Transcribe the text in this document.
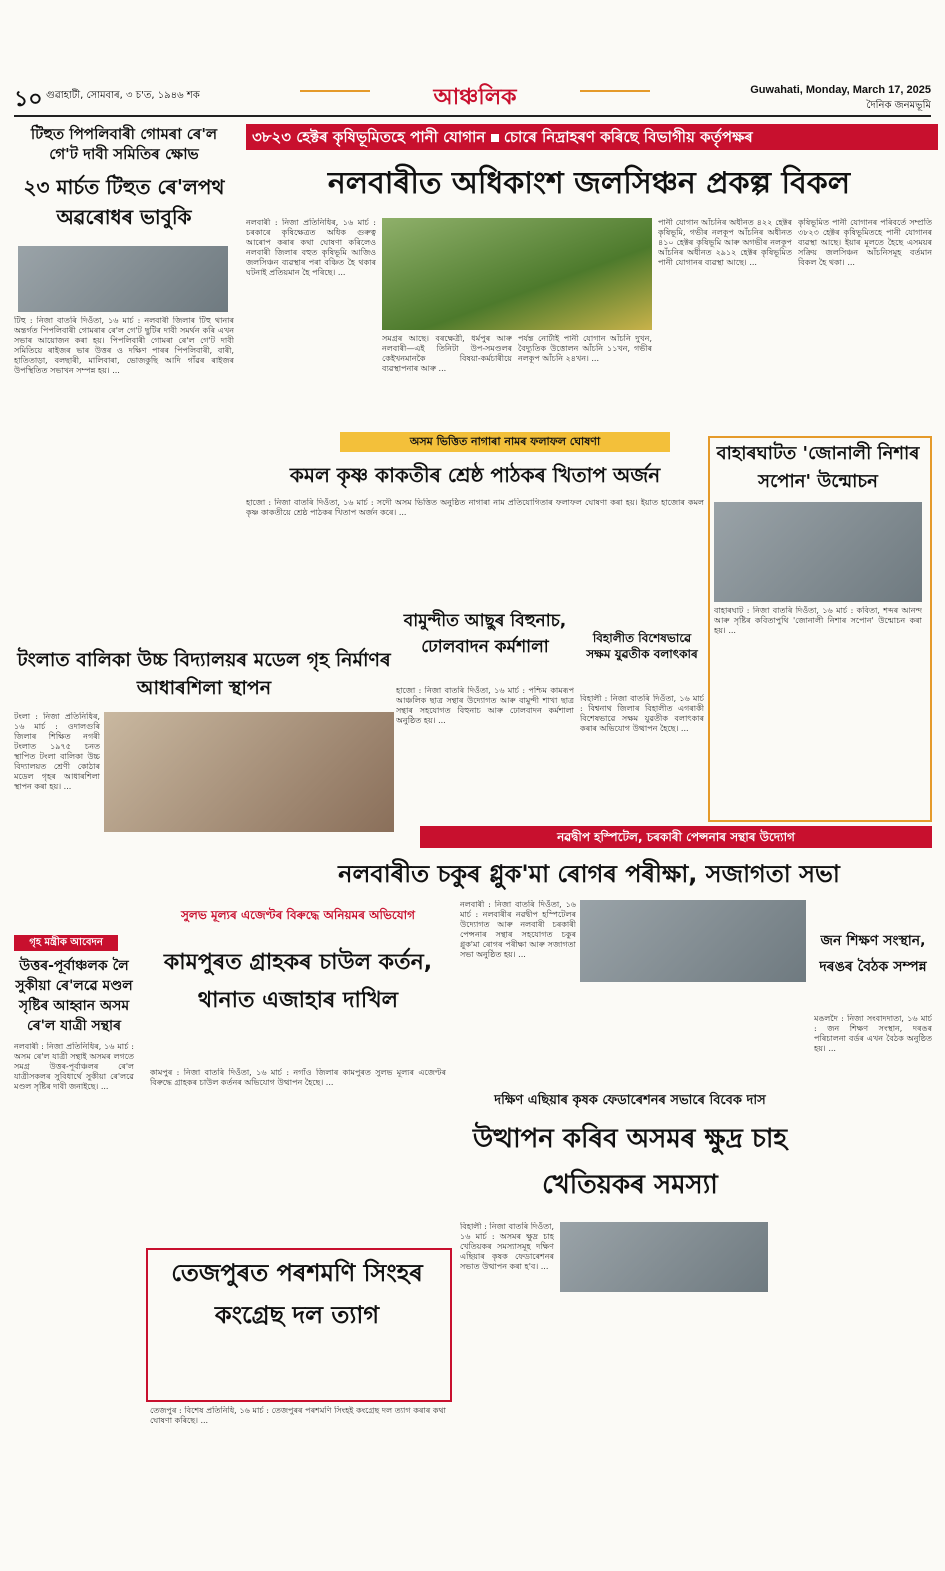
১০ গুৱাহাটী, সোমবাৰ, ৩ চ'ত, ১৯৪৬ শক	আঞ্চলিক	Guwahati, Monday, March 17, 2025
দৈনিক জনমভূমি
টিহুত পিপলিবাৰী গোমৰা ৰে'ল গে'ট দাবী সমিতিৰ ক্ষোভ
২৩ মাৰ্চত টিহুত ৰে'লপথ অৱৰোধৰ ভাবুকি
টিহু : নিজা বাতৰি দিওঁতা, ১৬ মাৰ্চ : নলবাৰী জিলাৰ টিহু থানাৰ অন্তৰ্গত পিপলিবাৰী গোমৰাৰ ৰে'ল গে'ট ছুটিৰ দাবী সমৰ্থন কৰি এখন সভাৰ আয়োজন কৰা হয়। পিপলিবাৰী গোমৰা ৰে'ল গে'ট দাবী সমিতিয়ে ৰাইজৰ ভাৰ উত্তৰ ও দক্ষিণ পাৰৰ পিপলিবাৰী, বাৰী, হাতিতাড়া, বলছাৰী, মালিবাৰা, ভোজকুছি আদি গাঁৱৰ ৰাইজৰ উপস্থিতিত সভাখন সম্পন্ন হয়। ...
টংলাত বালিকা উচ্চ বিদ্যালয়ৰ মডেল গৃহ নিৰ্মাণৰ আধাৰশিলা স্থাপন
টংলা : নিজা প্ৰতিনিধিৰ, ১৬ মাৰ্চ : ওদালগুৰি জিলাৰ শিক্ষিত নগৰী টংলাত ১৯৭৫ চনত স্থাপিত টংলা বালিকা উচ্চ বিদ্যালয়ত শ্ৰেণী কোঠাৰ মডেল গৃহৰ আধাৰশিলা স্থাপন কৰা হয়। ...
গৃহ মন্ত্ৰীক আবেদন
উত্তৰ-পূৰ্বাঞ্চলক লৈ সুকীয়া ৰে'লৱে মণ্ডল সৃষ্টিৰ আহ্বান অসম ৰে'ল যাত্ৰী সন্থাৰ
নলবাৰী : নিজা প্ৰতিনিধিৰ, ১৬ মাৰ্চ : অসম ৰে'ল যাত্ৰী সন্থাই অসমৰ লগতে সমগ্ৰ উত্তৰ-পূৰ্বাঞ্চলৰ ৰে'ল যাত্ৰীসকলৰ সুবিধাৰ্থে সুকীয়া ৰে'লৱে মণ্ডল সৃষ্টিৰ দাবী জনাইছে। ...
৩৮২৩ হেক্টৰ কৃষিভূমিতহে পানী যোগান চোৰে নিদ্ৰাহৰণ কৰিছে বিভাগীয় কৰ্তৃপক্ষৰ
নলবাৰীত অধিকাংশ জলসিঞ্চন প্ৰকল্প বিকল
নলবাৰী : নিজা প্ৰতিনিধিৰ, ১৬ মাৰ্চ : চৰকাৰে কৃষিক্ষেত্ৰত অধিক গুৰুত্ব আৰোপ কৰাৰ কথা ঘোষণা কৰিলেও নলবাৰী জিলাৰ বহুত কৃষিভূমি আজিও জলসিঞ্চন ব্যৱস্থাৰ পৰা বঞ্চিত হৈ থকাৰ ঘটনাই প্ৰতিয়মান হৈ পৰিছে। ...
সমগ্ৰৰ আছে। বৰক্ষেত্ৰী, ধৰ্মপুৰ আৰু নলবাৰী—এই তিনিটা উপ-সমণ্ডলৰ কেইখনমানকৈ বিষয়া-কৰ্মচাৰীয়ে ব্যৱস্থাপনাৰ আৰু ...
পৰ্যন্ত নোৰ্টাই পানী যোগান আঁচনি দুখন, বৈদ্যুতিক উত্তোলন আঁচনি ১১খন, গভীৰ নলকূপ আঁচনি ২৪খন। ...
পানী যোগান আঁচনিৰ অধীনত ৪২২ হেক্টৰ কৃষিভূমি, গভীৰ নলকূপ আঁচনিৰ অধীনত ৪১০ হেক্টৰ কৃষিভূমি আৰু অগভীৰ নলকূপ আঁচনিৰ অধীনত ২৯১২ হেক্টৰ কৃষিভূমিত পানী যোগানৰ ব্যৱস্থা আছে। ...
কৃষিভূমিত পানী যোগানৰ পৰিবৰ্তে সম্প্ৰতি ৩৮২৩ হেক্টৰ কৃষিভূমিতহে পানী যোগানৰ ব্যৱস্থা আছে। ইয়াৰ মূলতে হৈছে এসময়ৰ সক্ৰিয় জলসিঞ্চন আঁচনিসমূহ বৰ্তমান বিকল হৈ থকা। ...
অসম ভিত্তিত নাগাৰা নামৰ ফলাফল ঘোষণা
কমল কৃষ্ণ কাকতীৰ শ্ৰেষ্ঠ পাঠকৰ খিতাপ অৰ্জন
হাজো : নিজা বাতৰি দিওঁতা, ১৬ মাৰ্চ : সদৌ অসম ভিত্তিত অনুষ্ঠিত নাগাৰা নাম প্ৰতিযোগিতাৰ ফলাফল ঘোষণা কৰা হয়। ইয়াত হাজোৰ কমল কৃষ্ণ কাকতীয়ে শ্ৰেষ্ঠ পাঠকৰ খিতাপ অৰ্জন কৰে। ...
বামুন্দীত আছুৰ বিহুনাচ, ঢোলবাদন কৰ্মশালা
হাজো : নিজা বাতৰি দিওঁতা, ১৬ মাৰ্চ : পশ্চিম কামৰূপ আঞ্চলিক ছাত্ৰ সন্থাৰ উদ্যোগত আৰু বামুন্দী শাখা ছাত্ৰ সন্থাৰ সহযোগত বিহুনাচ আৰু ঢোলবাদন কৰ্মশালা অনুষ্ঠিত হয়। ...
বিহালীত বিশেষভাৱে সক্ষম যুৱতীক বলাৎকাৰ
বিহালী : নিজা বাতৰি দিওঁতা, ১৬ মাৰ্চ : বিশ্বনাথ জিলাৰ বিহালীত এগৰাকী বিশেষভাৱে সক্ষম যুৱতীক বলাৎকাৰ কৰাৰ অভিযোগ উত্থাপন হৈছে। ...
বাহাৰঘাটত 'জোনালী নিশাৰ সপোন' উন্মোচন
বাহাৰঘাট : নিজা বাতৰি দিওঁতা, ১৬ মাৰ্চ : কবিতা, শব্দৰ আনন্দ আৰু সৃষ্টিৰ কবিতাপুথি 'জোনালী নিশাৰ সপোন' উন্মোচন কৰা হয়। ...
নৱদ্বীপ হস্পিটেল, চৰকাৰী পেন্সনাৰ সন্থাৰ উদ্যোগ
নলবাৰীত চকুৰ গ্লুক'মা ৰোগৰ পৰীক্ষা, সজাগতা সভা
নলবাৰী : নিজা বাতৰি দিওঁতা, ১৬ মাৰ্চ : নলবাৰীৰ নৱদ্বীপ হস্পিটেলৰ উদ্যোগত আৰু নলবাৰী চৰকাৰী পেন্সনাৰ সন্থাৰ সহযোগত চকুৰ গ্লুক'মা ৰোগৰ পৰীক্ষা আৰু সজাগতা সভা অনুষ্ঠিত হয়। ...
সুলভ মূল্যৰ এজেণ্টৰ বিৰুদ্ধে অনিয়মৰ অভিযোগ
কামপুৰত গ্ৰাহকৰ চাউল কৰ্তন, থানাত এজাহাৰ দাখিল
কামপুৰ : নিজা বাতৰি দিওঁতা, ১৬ মাৰ্চ : নগাঁও জিলাৰ কামপুৰত সুলভ মূল্যৰ এজেণ্টৰ বিৰুদ্ধে গ্ৰাহকৰ চাউল কৰ্তনৰ অভিযোগ উত্থাপন হৈছে। ...
দক্ষিণ এছিয়াৰ কৃষক ফেডাৰেশনৰ সভাৰে বিবেক দাস
উত্থাপন কৰিব অসমৰ ক্ষুদ্ৰ চাহ খেতিয়কৰ সমস্যা
বিহালী : নিজা বাতৰি দিওঁতা, ১৬ মাৰ্চ : অসমৰ ক্ষুদ্ৰ চাহ খেতিয়কৰ সমস্যাসমূহ দক্ষিণ এছিয়াৰ কৃষক ফেডাৰেশনৰ সভাত উত্থাপন কৰা হ'ব। ...
জন শিক্ষণ সংস্থান, দৰঙৰ বৈঠক সম্পন্ন
মঙলদৈ : নিজা সংবাদদাতা, ১৬ মাৰ্চ : জন শিক্ষণ সংস্থান, দৰঙৰ পৰিচালনা বৰ্ডৰ এখন বৈঠক অনুষ্ঠিত হয়। ...
তেজপুৰত পৰশমণি সিংহৰ কংগ্ৰেছ দল ত্যাগ
তেজপুৰ : বিশেষ প্ৰতিনিধি, ১৬ মাৰ্চ : তেজপুৰৰ পৰশমণি সিংহই কংগ্ৰেছ দল ত্যাগ কৰাৰ কথা ঘোষণা কৰিছে। ...
